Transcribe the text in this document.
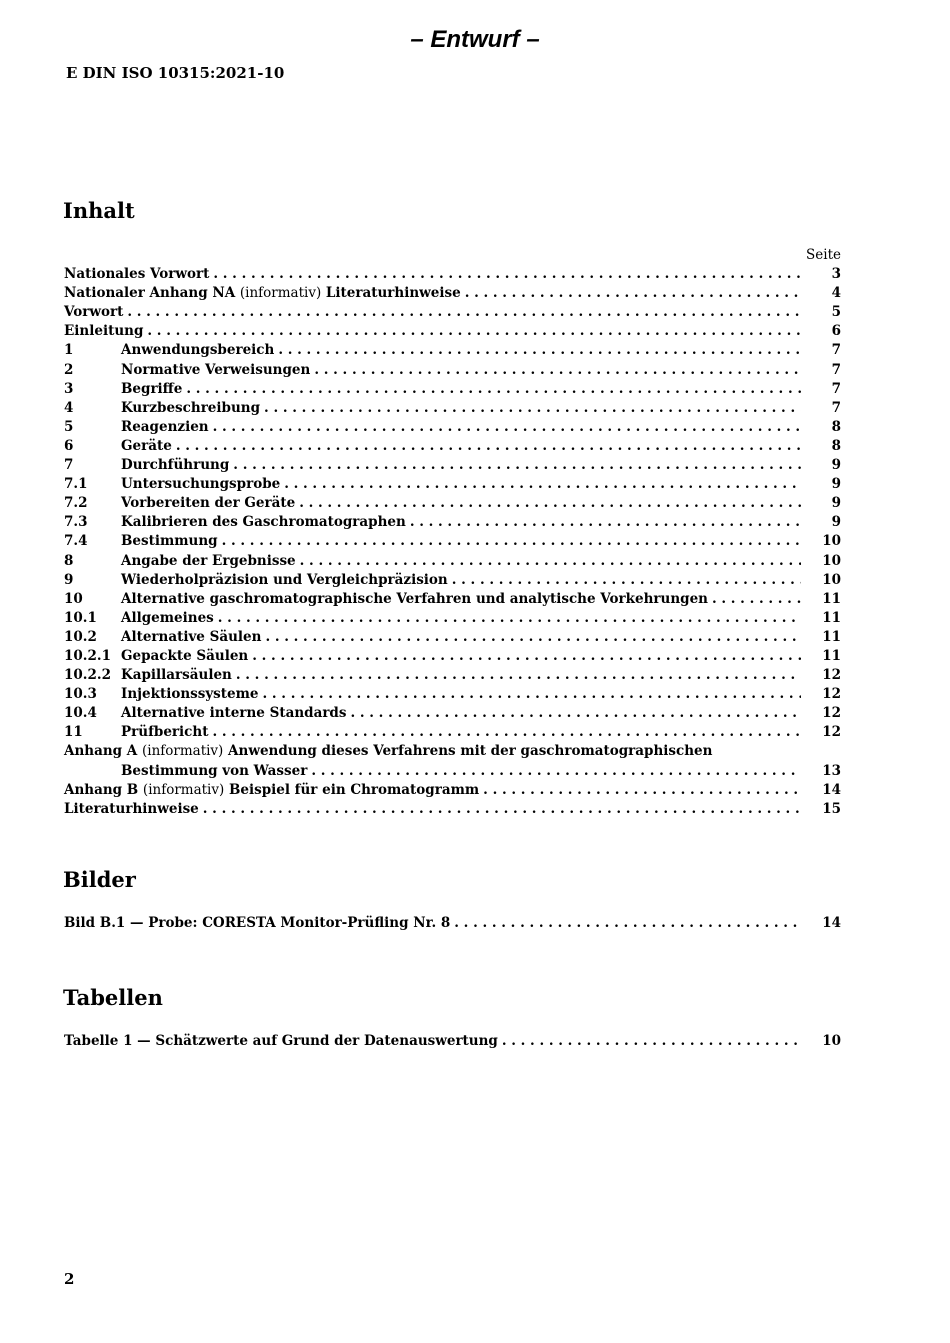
– Entwurf –
E DIN ISO 10315:2021-10
Inhalt
Seite
Nationales Vorwort . . .	3
Nationaler Anhang NA (informativ) Literaturhinweise . . .	4
Vorwort . . .	5
Einleitung . . .	6
1	Anwendungsbereich . . .	7
2	Normative Verweisungen . . .	7
3	Begriffe . . .	7
4	Kurzbeschreibung . . .	7
5	Reagenzien . . .	8
6	Geräte . . .	8
7	Durchführung . . .	9
7.1	Untersuchungsprobe . . .	9
7.2	Vorbereiten der Geräte . . .	9
7.3	Kalibrieren des Gaschromatographen . . .	9
7.4	Bestimmung . . .	10
8	Angabe der Ergebnisse . . .	10
9	Wiederholpräzision und Vergleichpräzision . . .	10
10	Alternative gaschromatographische Verfahren und analytische Vorkehrungen . . .	11
10.1	Allgemeines . . .	11
10.2	Alternative Säulen . . .	11
10.2.1 Gepackte Säulen . . .	11
10.2.2 Kapillarsäulen . . .	12
10.3	Injektionssysteme . . .	12
10.4	Alternative interne Standards . . .	12
11	Prüfbericht . . .	12
Anhang A (informativ) Anwendung dieses Verfahrens mit der gaschromatographischen
Bestimmung von Wasser . . .	13
Anhang B (informativ) Beispiel für ein Chromatogramm . . .	14
Literaturhinweise . . .	15
Bilder
Bild B.1 — Probe: CORESTA Monitor-Prüfling Nr. 8 . . .	14
Tabellen
Tabelle 1 — Schätzwerte auf Grund der Datenauswertung . . .	10
2
